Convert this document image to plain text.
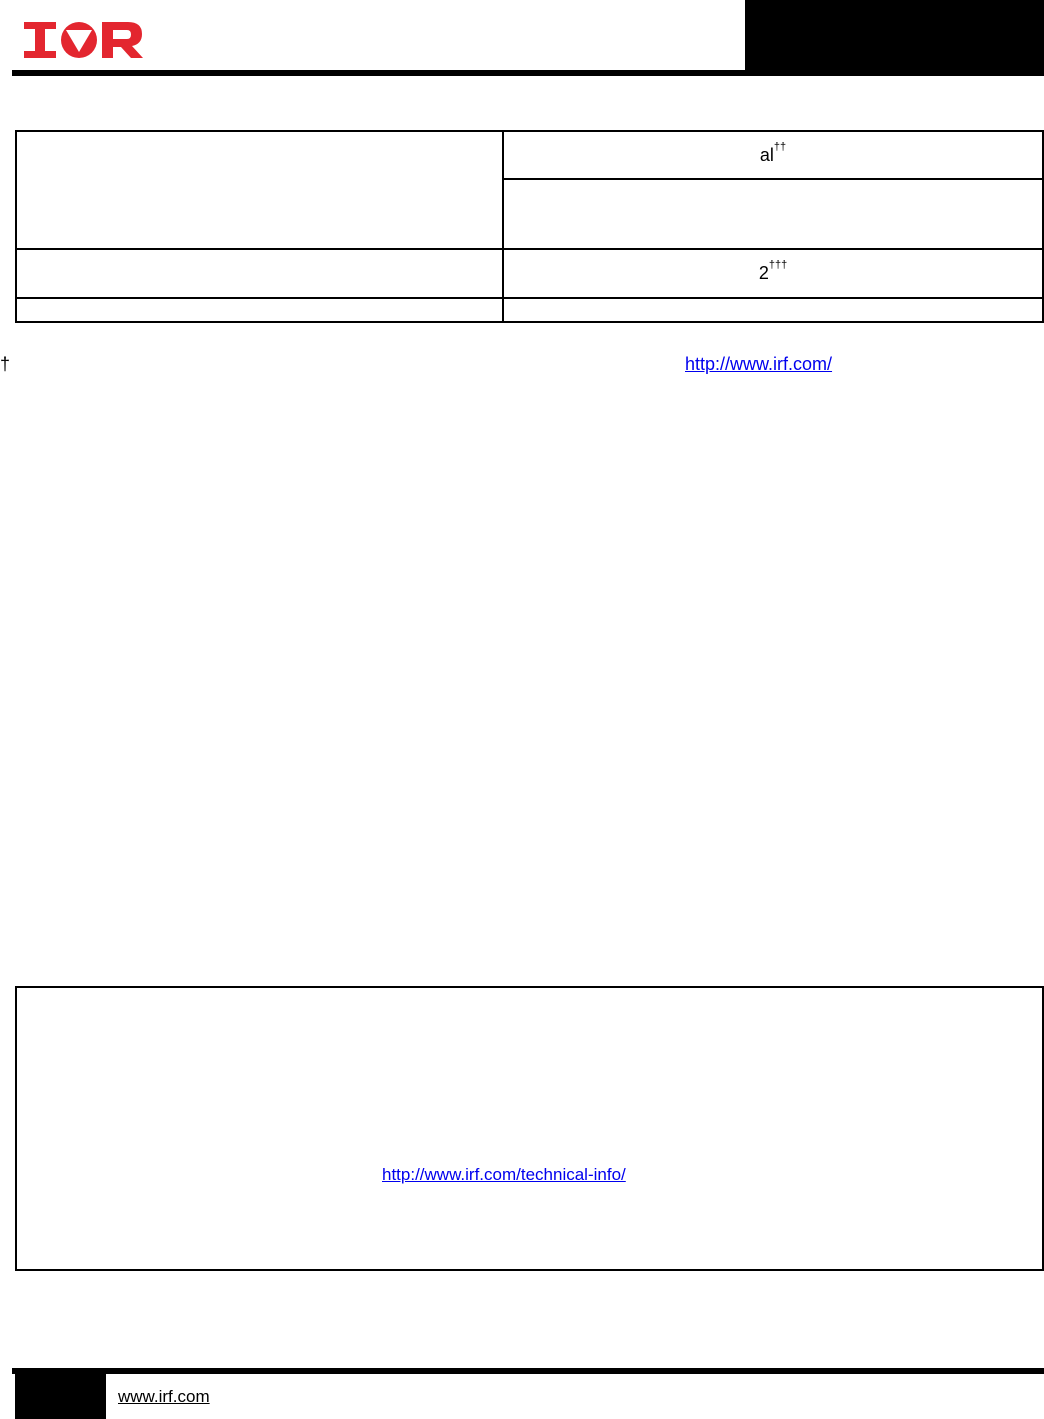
	al††

	2†††

†	http://www.irf.com/
http://www.irf.com/technical-info/
www.irf.com
